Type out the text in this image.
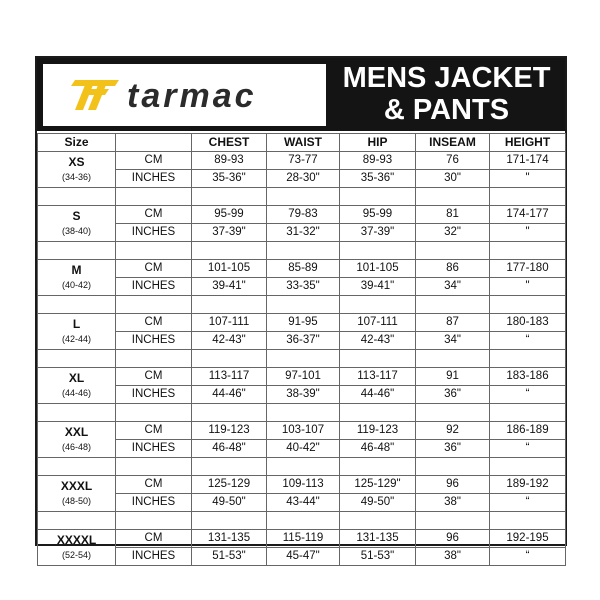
tarmac	MENS JACKET
& PANTS
Size		CHEST	WAIST	HIP	INSEAM	HEIGHT

XS
(34-36)	CM	89-93	73-77	89-93	76	171-174
	INCHES	35-36"	28-30"	35-36"	30"	"

S
(38-40)	CM	95-99	79-83	95-99	81	174-177
	INCHES	37-39"	31-32"	37-39"	32"	"

M
(40-42)	CM	101-105	85-89	101-105	86	177-180
	INCHES	39-41"	33-35"	39-41"	34"	"

L
(42-44)	CM	107-111	91-95	107-111	87	180-183
	INCHES	42-43"	36-37"	42-43"	34"	“

XL
(44-46)	CM	113-117	97-101	113-117	91	183-186
	INCHES	44-46"	38-39"	44-46"	36"	“

XXL
(46-48)	CM	119-123	103-107	119-123	92	186-189
	INCHES	46-48"	40-42"	46-48"	36"	“

XXXL
(48-50)	CM	125-129	109-113	125-129"	96	189-192
	INCHES	49-50"	43-44"	49-50"	38"	“

XXXXL
(52-54)	CM	131-135	115-119	131-135	96	192-195
	INCHES	51-53"	45-47"	51-53"	38"	“
